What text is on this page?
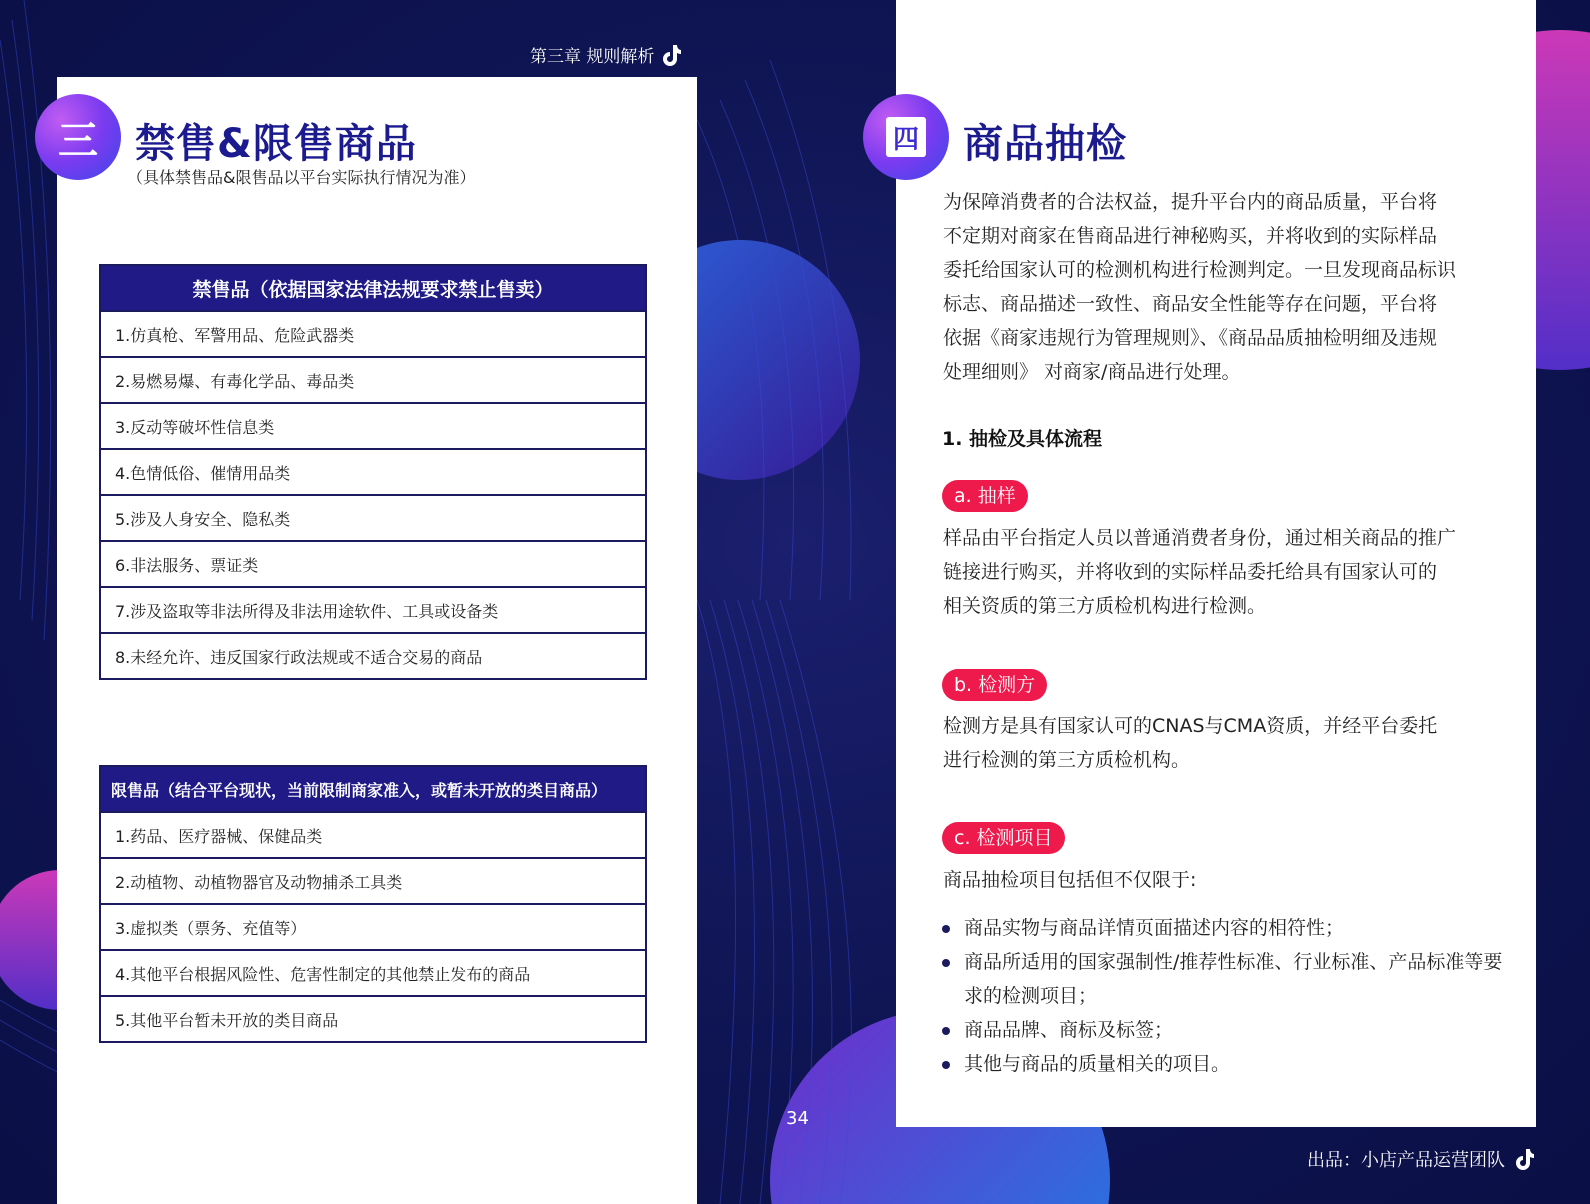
第三章 规则解析
三 禁售&限售商品
（具体禁售品&限售品以平台实际执行情况为准）
禁售品（依据国家法律法规要求禁止售卖）
1.仿真枪、军警用品、危险武器类
2.易燃易爆、有毒化学品、毒品类
3.反动等破坏性信息类
4.色情低俗、催情用品类
5.涉及人身安全、隐私类
6.非法服务、票证类
7.涉及盗取等非法所得及非法用途软件、工具或设备类
8.未经允许、违反国家行政法规或不适合交易的商品
限售品（结合平台现状，当前限制商家准入，或暂未开放的类目商品）
1.药品、医疗器械、保健品类
2.动植物、动植物器官及动物捕杀工具类
3.虚拟类（票务、充值等）
4.其他平台根据风险性、危害性制定的其他禁止发布的商品
5.其他平台暂未开放的类目商品
四 商品抽检
为保障消费者的合法权益，提升平台内的商品质量，平台将
不定期对商家在售商品进行神秘购买，并将收到的实际样品
委托给国家认可的检测机构进行检测判定。一旦发现商品标识
标志、商品描述一致性、商品安全性能等存在问题，平台将
依据《商家违规行为管理规则》、《商品品质抽检明细及违规
处理细则》 对商家/商品进行处理。
1. 抽检及具体流程
a. 抽样
样品由平台指定人员以普通消费者身份，通过相关商品的推广
链接进行购买，并将收到的实际样品委托给具有国家认可的
相关资质的第三方质检机构进行检测。
b. 检测方
检测方是具有国家认可的CNAS与CMA资质，并经平台委托
进行检测的第三方质检机构。
c. 检测项目
商品抽检项目包括但不仅限于:
商品实物与商品详情页面描述内容的相符性；
商品所适用的国家强制性/推荐性标准、行业标准、产品标准等要求的检测项目；
商品品牌、商标及标签；
其他与商品的质量相关的项目。
34
出品：小店产品运营团队
